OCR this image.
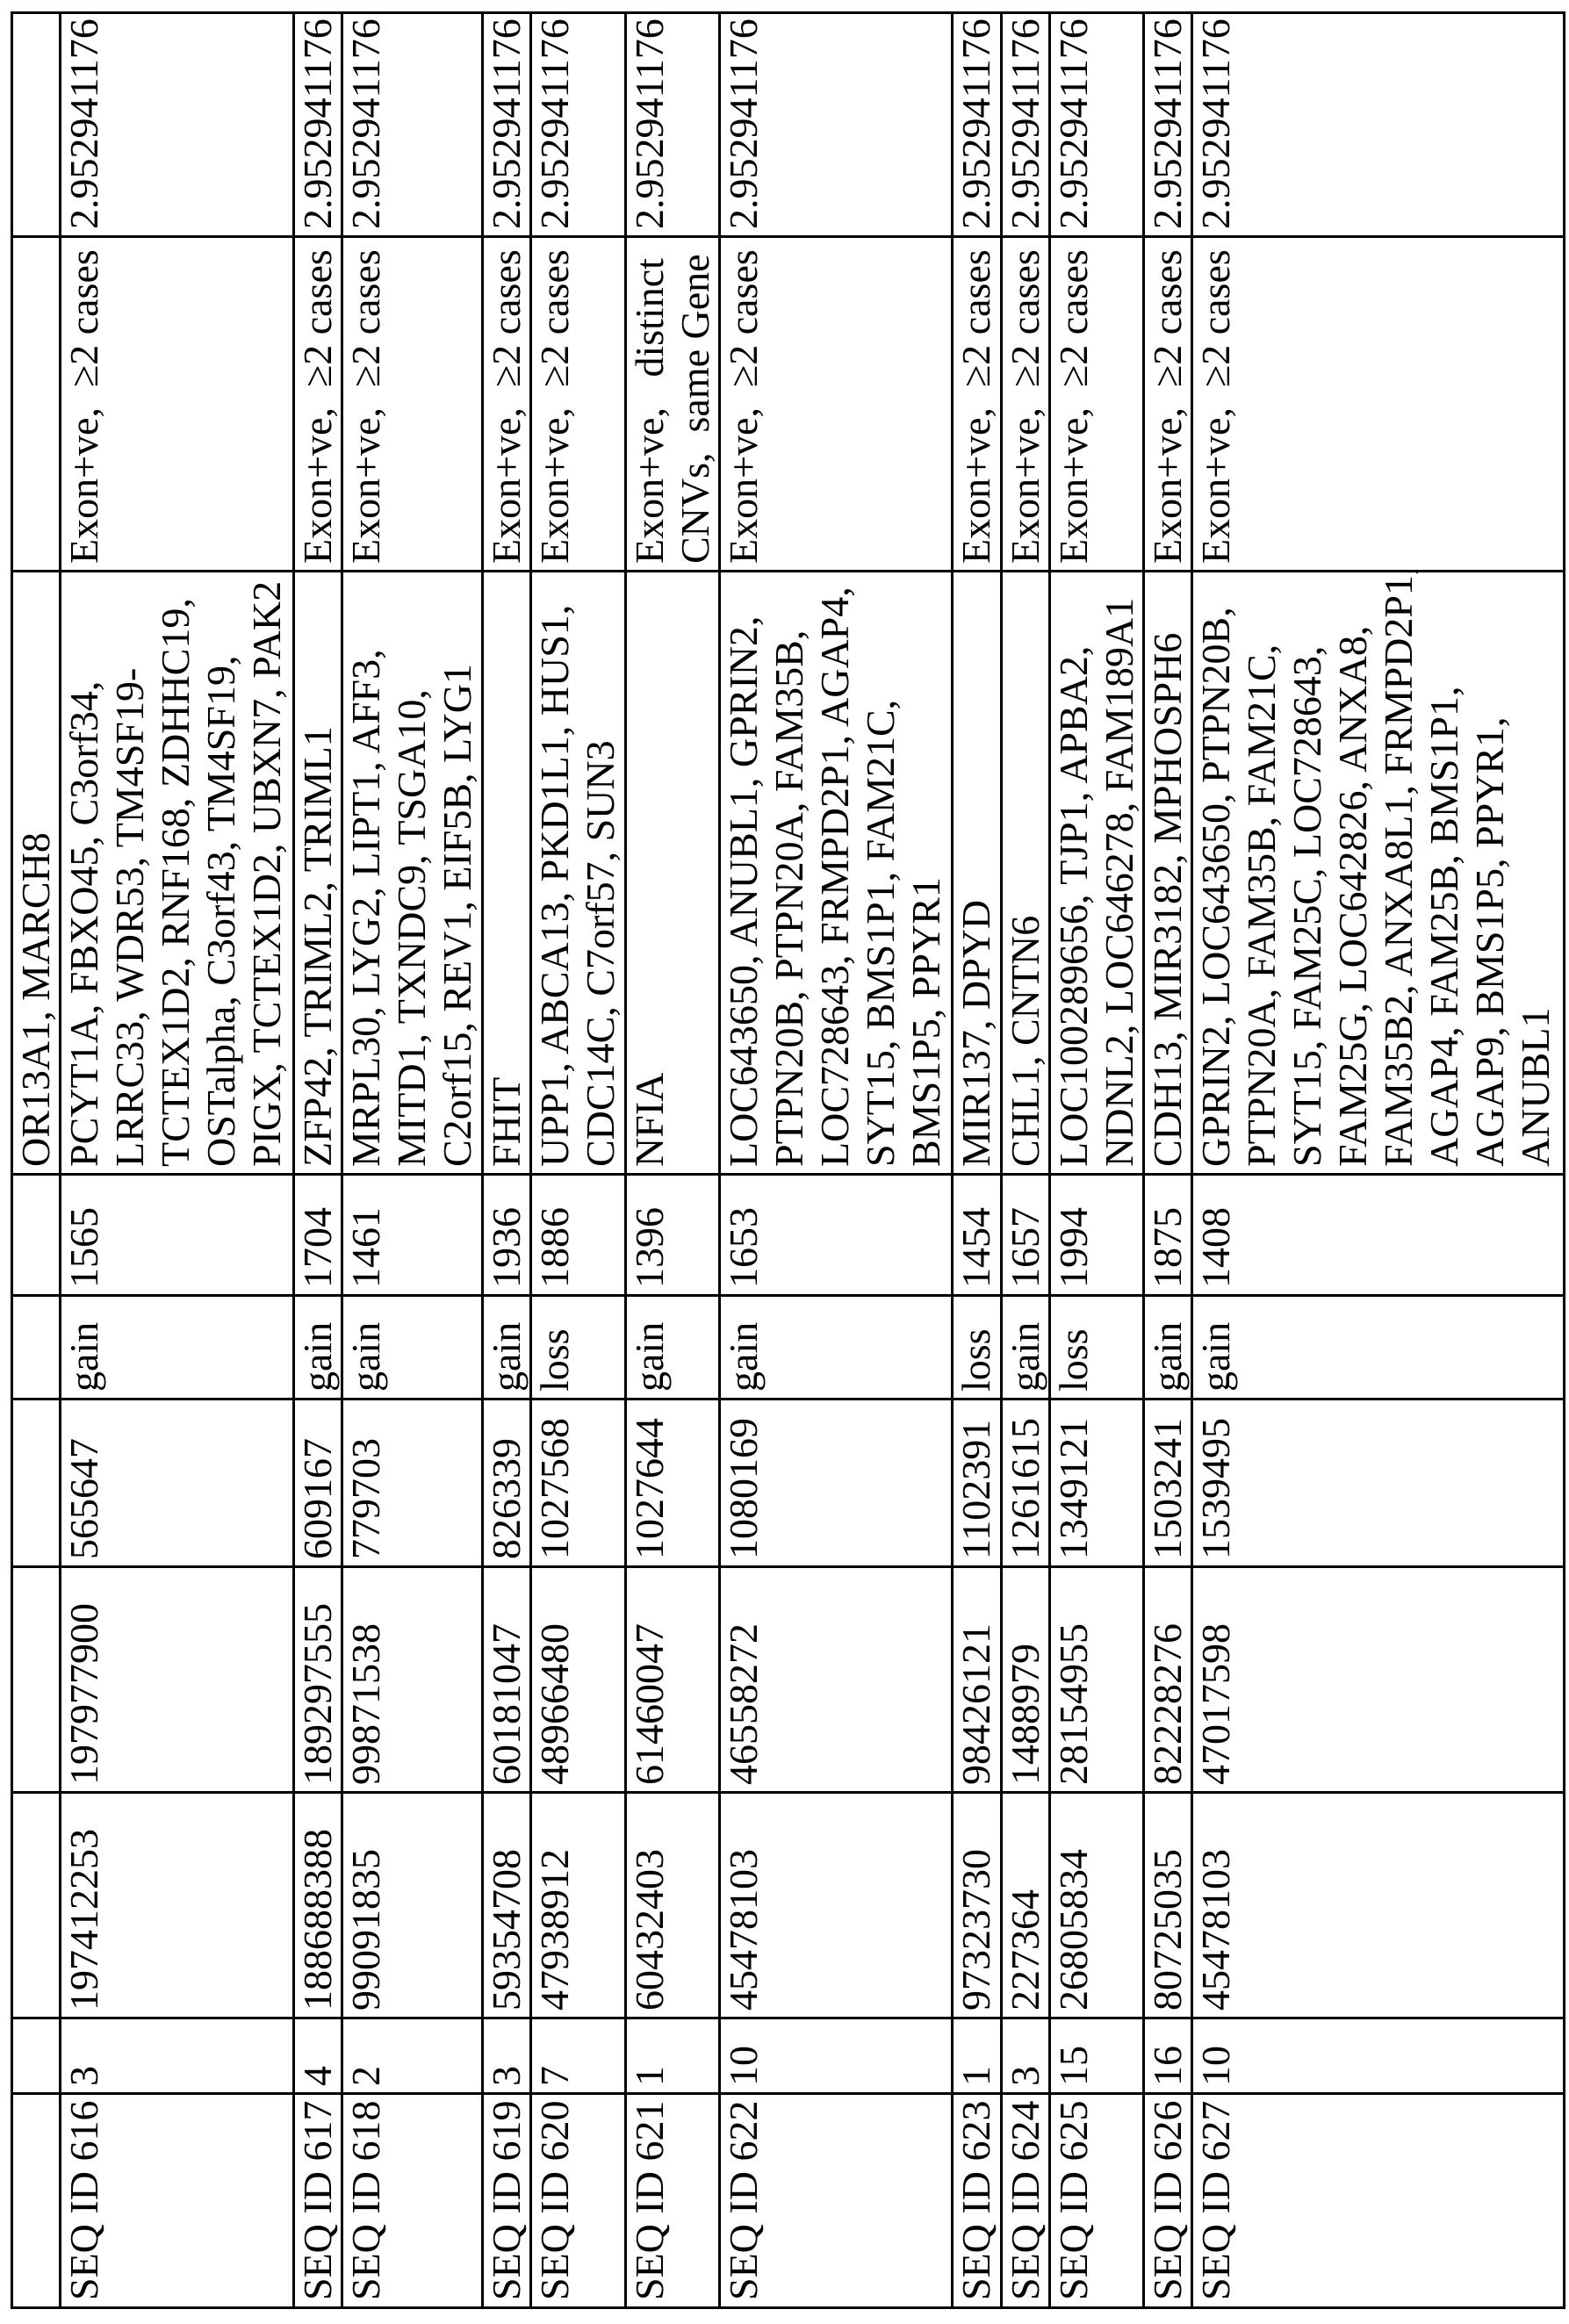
							OR13A1, MARCH8		
SEQ ID 616	3	197412253	197977900	565647	gain	1565	PCYT1A, FBXO45, C3orf34,
LRRC33, WDR53, TM4SF19-
TCTEX1D2, RNF168, ZDHHC19,
OSTalpha, C3orf43, TM4SF19,
PIGX, TCTEX1D2, UBXN7, PAK2	Exon+ve,  ≥2 cases	2.952941176
SEQ ID 617	4	188688388	189297555	609167	gain	1704	ZFP42, TRIML2, TRIML1	Exon+ve,  ≥2 cases	2.952941176
SEQ ID 618	2	99091835	99871538	779703	gain	1461	MRPL30, LYG2, LIPT1, AFF3,
MITD1, TXNDC9, TSGA10,
C2orf15, REV1, EIF5B, LYG1	Exon+ve,  ≥2 cases	2.952941176
SEQ ID 619	3	59354708	60181047	826339	gain	1936	FHIT	Exon+ve,  ≥2 cases	2.952941176
SEQ ID 620	7	47938912	48966480	1027568	loss	1886	UPP1, ABCA13, PKD1L1, HUS1,
CDC14C, C7orf57, SUN3	Exon+ve,  ≥2 cases	2.952941176
SEQ ID 621	1	60432403	61460047	1027644	gain	1396	NFIA	Exon+ve,   distinct
CNVs,  same Gene	2.952941176
SEQ ID 622	10	45478103	46558272	1080169	gain	1653	LOC643650, ANUBL1, GPRIN2,
PTPN20B, PTPN20A, FAM35B,
LOC728643, FRMPD2P1, AGAP4,
SYT15, BMS1P1, FAM21C,
BMS1P5, PPYR1	Exon+ve,  ≥2 cases	2.952941176
SEQ ID 623	1	97323730	98426121	1102391	loss	1454	MIR137, DPYD	Exon+ve,  ≥2 cases	2.952941176
SEQ ID 624	3	227364	1488979	1261615	gain	1657	CHL1, CNTN6	Exon+ve,  ≥2 cases	2.952941176
SEQ ID 625	15	26805834	28154955	1349121	loss	1994	LOC100289656, TJP1, APBA2,
NDNL2, LOC646278, FAM189A1	Exon+ve,  ≥2 cases	2.952941176
SEQ ID 626	16	80725035	82228276	1503241	gain	1875	CDH13, MIR3182, MPHOSPH6	Exon+ve,  ≥2 cases	2.952941176
SEQ ID 627	10	45478103	47017598	1539495	gain	1408	GPRIN2, LOC643650, PTPN20B,
PTPN20A, FAM35B, FAM21C,
SYT15, FAM25C, LOC728643,
FAM25G, LOC642826, ANXA8,
FAM35B2, ANXA8L1, FRMPD2P1,
AGAP4, FAM25B, BMS1P1,
AGAP9, BMS1P5, PPYR1,
ANUBL1	Exon+ve,  ≥2 cases	2.952941176
